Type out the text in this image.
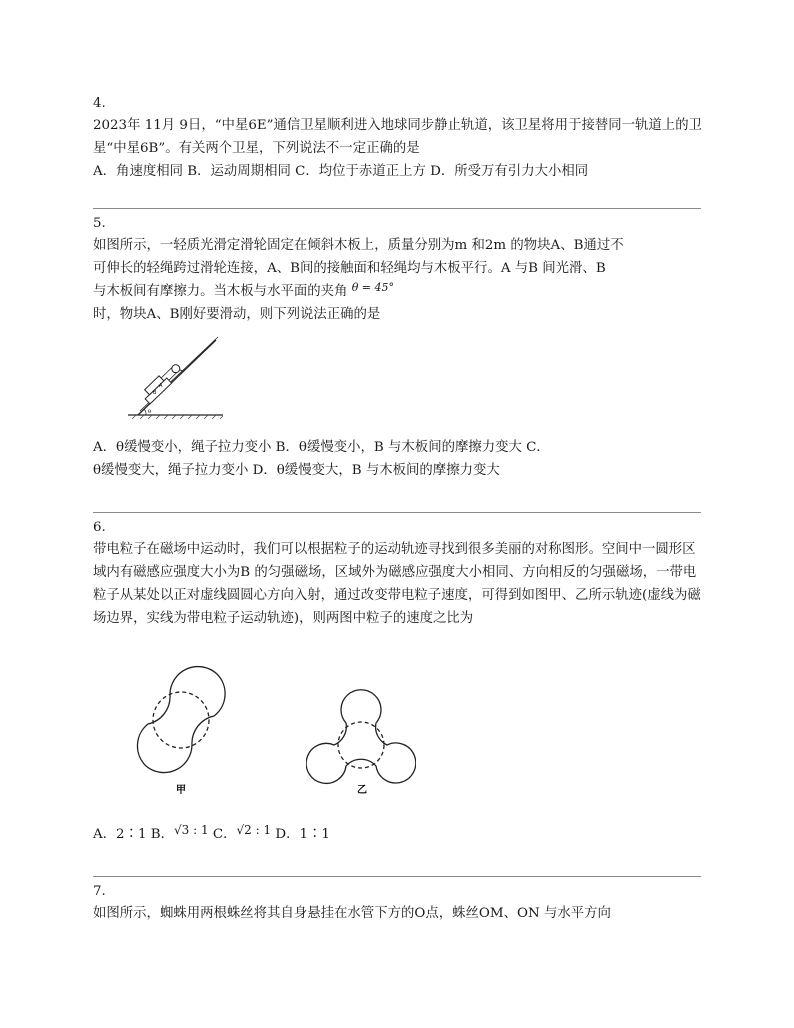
4.

2023年 11月 9日，“中星6E”通信卫星顺利进入地球同步静止轨道，该卫星将用于接替同一轨道上的卫星“中星6B”。有关两个卫星，下列说法不一定正确的是

A．角速度相同 B．运动周期相同 C．均位于赤道正上方 D．所受万有引力大小相同

5.

如图所示，一轻质光滑定滑轮固定在倾斜木板上，质量分别为m 和2m 的物块A、B通过不

可伸长的轻绳跨过滑轮连接，A、B间的接触面和轻绳均与木板平行。A 与B 间光滑、B

与木板间有摩擦力。当木板与水平面的夹角 $^{\theta = 45^\circ}$

时，物块A、B刚好要滑动，则下列说法正确的是

θ
A
B

A．θ缓慢变小，绳子拉力变小 B．θ缓慢变小，B 与木板间的摩擦力变大 C．

θ缓慢变大，绳子拉力变小 D．θ缓慢变大，B 与木板间的摩擦力变大

6.

带电粒子在磁场中运动时，我们可以根据粒子的运动轨迹寻找到很多美丽的对称图形。空间中一圆形区域内有磁感应强度大小为B 的匀强磁场，区域外为磁感应强度大小相同、方向相反的匀强磁场，一带电粒子从某处以正对虚线圆圆心方向入射，通过改变带电粒子速度，可得到如图甲、乙所示轨迹(虚线为磁场边界，实线为带电粒子运动轨迹)，则两图中粒子的速度之比为

甲	乙

A．2∶1 B．√3 : 1 C．√2 : 1 D．1∶1

7.

如图所示，蜘蛛用两根蛛丝将其自身悬挂在水管下方的O点，蛛丝OM、ON 与水平方向
